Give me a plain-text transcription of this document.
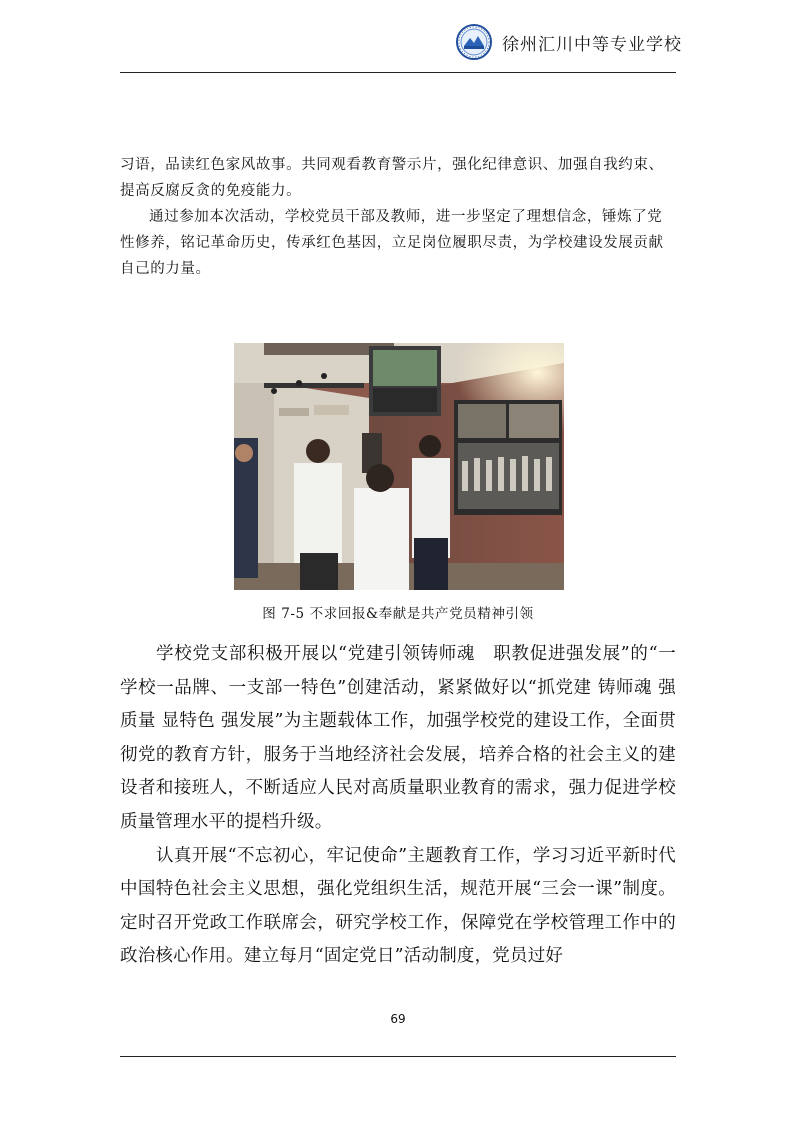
徐州汇川中等专业学校

习语，品读红色家风故事。共同观看教育警示片，强化纪律意识、加强自我约束、

提高反腐反贪的免疫能力。

通过参加本次活动，学校党员干部及教师，进一步坚定了理想信念，锤炼了党性修养，铭记革命历史，传承红色基因，立足岗位履职尽责，为学校建设发展贡献自己的力量。

图 7-5 不求回报&奉献是共产党员精神引领

学校党支部积极开展以“党建引领铸师魂　职教促进强发展”的“一学校一品牌、一支部一特色”创建活动，紧紧做好以“抓党建 铸师魂 强质量 显特色 强发展”为主题载体工作，加强学校党的建设工作，全面贯彻党的教育方针，服务于当地经济社会发展，培养合格的社会主义的建设者和接班人，不断适应人民对高质量职业教育的需求，强力促进学校质量管理水平的提档升级。

认真开展“不忘初心，牢记使命”主题教育工作，学习习近平新时代中国特色社会主义思想，强化党组织生活，规范开展“三会一课”制度。定时召开党政工作联席会，研究学校工作，保障党在学校管理工作中的政治核心作用。建立每月“固定党日”活动制度，党员过好

69
